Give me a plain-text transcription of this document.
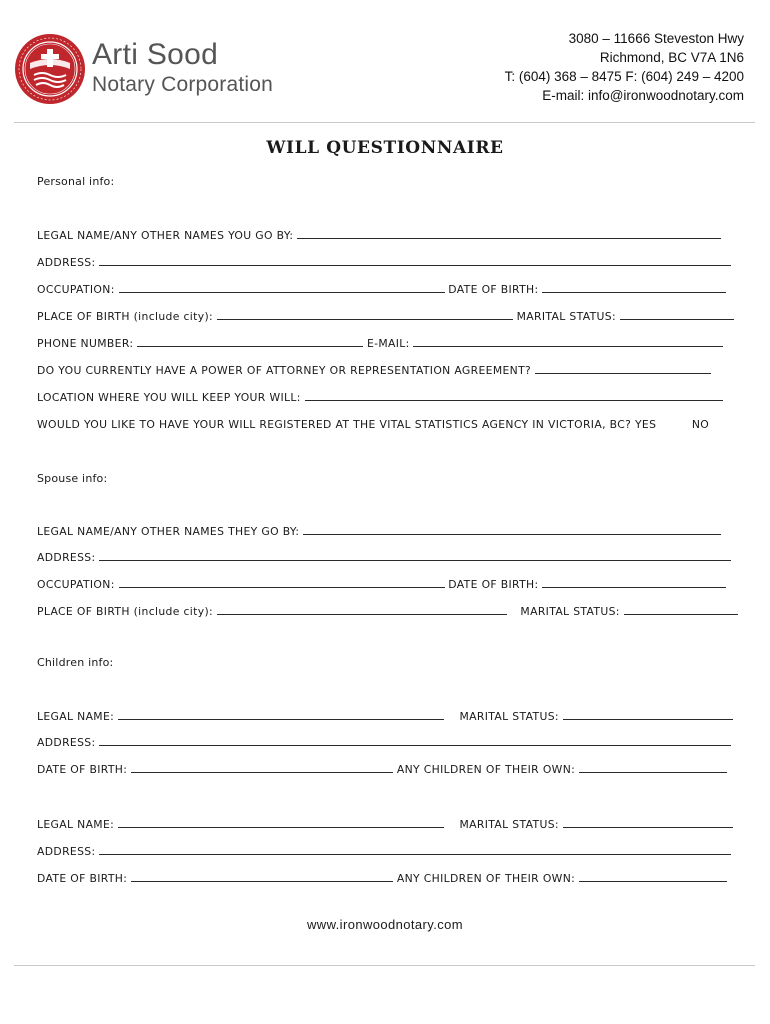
Arti Sood
Notary Corporation
3080 – 11666 Steveston Hwy
Richmond, BC V7A 1N6
T: (604) 368 – 8475 F: (604) 249 – 4200
E-mail: info@ironwoodnotary.com
WILL QUESTIONNAIRE
Personal info:
LEGAL NAME/ANY OTHER NAMES YOU GO BY:
ADDRESS:
OCCUPATION:	DATE OF BIRTH:
PLACE OF BIRTH (include city):	MARITAL STATUS:
PHONE NUMBER:	E-MAIL:
DO YOU CURRENTLY HAVE A POWER OF ATTORNEY OR REPRESENTATION AGREEMENT?
LOCATION WHERE YOU WILL KEEP YOUR WILL:
WOULD YOU LIKE TO HAVE YOUR WILL REGISTERED AT THE VITAL STATISTICS AGENCY IN VICTORIA, BC? YES	NO
Spouse info:
LEGAL NAME/ANY OTHER NAMES THEY GO BY:
ADDRESS:
OCCUPATION:	DATE OF BIRTH:
PLACE OF BIRTH (include city):	MARITAL STATUS:
Children info:
LEGAL NAME:	MARITAL STATUS:
ADDRESS:
DATE OF BIRTH:	ANY CHILDREN OF THEIR OWN:
LEGAL NAME:	MARITAL STATUS:
ADDRESS:
DATE OF BIRTH:	ANY CHILDREN OF THEIR OWN:
www.ironwoodnotary.com
